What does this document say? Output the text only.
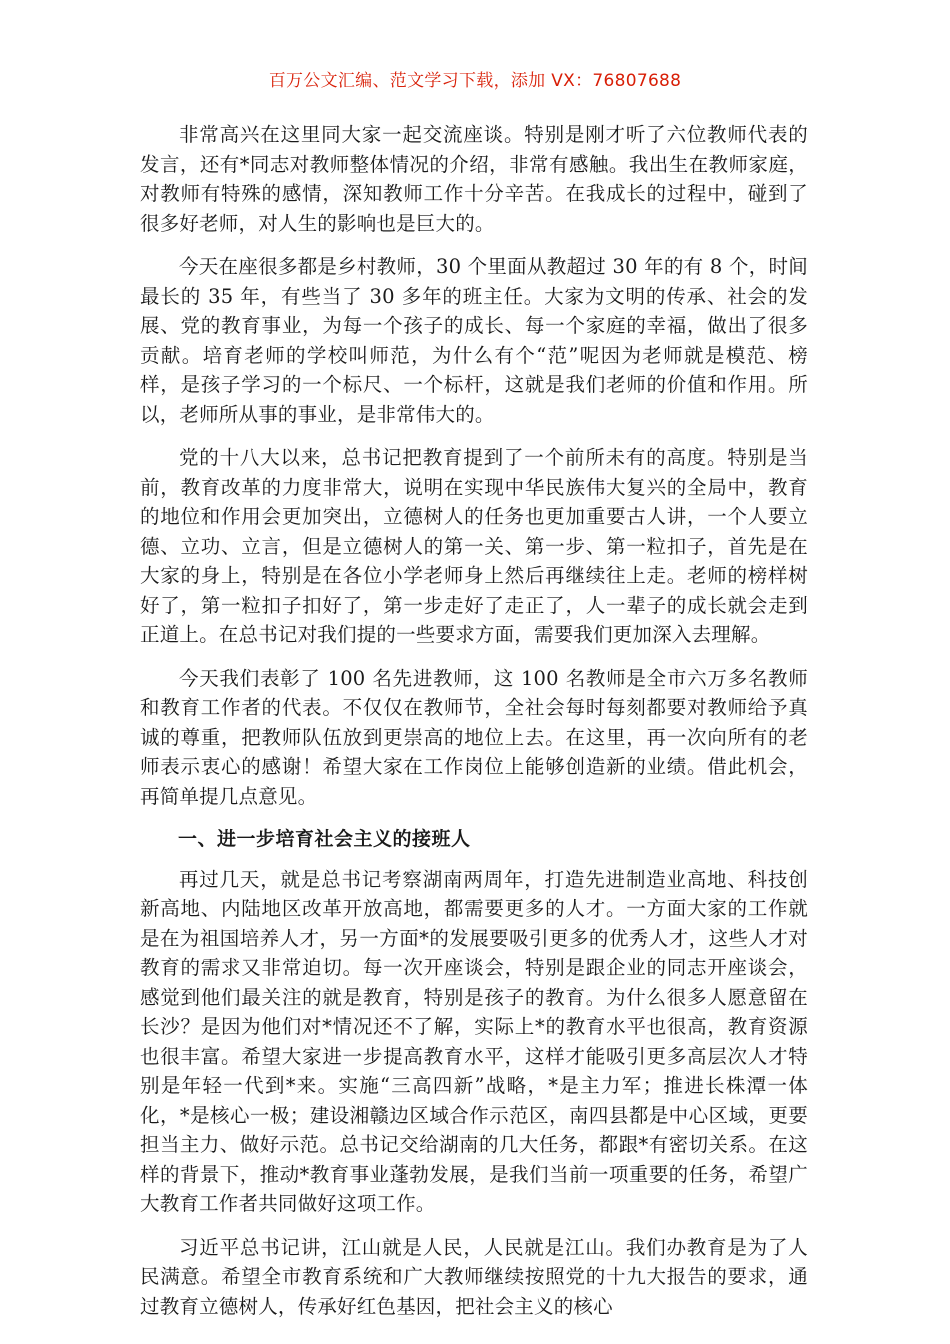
百万公文汇编、范文学习下载，添加 VX：76807688

非常高兴在这里同大家一起交流座谈。特别是刚才听了六位教师代表的发言，还有*同志对教师整体情况的介绍，非常有感触。我出生在教师家庭，对教师有特殊的感情，深知教师工作十分辛苦。在我成长的过程中，碰到了很多好老师，对人生的影响也是巨大的。

今天在座很多都是乡村教师，30 个里面从教超过 30 年的有 8 个，时间最长的 35 年，有些当了 30 多年的班主任。大家为文明的传承、社会的发展、党的教育事业，为每一个孩子的成长、每一个家庭的幸福，做出了很多贡献。培育老师的学校叫师范，为什么有个“范”呢因为老师就是模范、榜样，是孩子学习的一个标尺、一个标杆，这就是我们老师的价值和作用。所以，老师所从事的事业，是非常伟大的。

党的十八大以来，总书记把教育提到了一个前所未有的高度。特别是当前，教育改革的力度非常大，说明在实现中华民族伟大复兴的全局中，教育的地位和作用会更加突出，立德树人的任务也更加重要古人讲，一个人要立德、立功、立言，但是立德树人的第一关、第一步、第一粒扣子，首先是在大家的身上，特别是在各位小学老师身上然后再继续往上走。老师的榜样树好了，第一粒扣子扣好了，第一步走好了走正了，人一辈子的成长就会走到正道上。在总书记对我们提的一些要求方面，需要我们更加深入去理解。

今天我们表彰了 100 名先进教师，这 100 名教师是全市六万多名教师和教育工作者的代表。不仅仅在教师节，全社会每时每刻都要对教师给予真诚的尊重，把教师队伍放到更崇高的地位上去。在这里，再一次向所有的老师表示衷心的感谢！希望大家在工作岗位上能够创造新的业绩。借此机会，再简单提几点意见。

一、进一步培育社会主义的接班人

再过几天，就是总书记考察湖南两周年，打造先进制造业高地、科技创新高地、内陆地区改革开放高地，都需要更多的人才。一方面大家的工作就是在为祖国培养人才，另一方面*的发展要吸引更多的优秀人才，这些人才对教育的需求又非常迫切。每一次开座谈会，特别是跟企业的同志开座谈会，感觉到他们最关注的就是教育，特别是孩子的教育。为什么很多人愿意留在长沙？是因为他们对*情况还不了解，实际上*的教育水平也很高，教育资源也很丰富。希望大家进一步提高教育水平，这样才能吸引更多高层次人才特别是年轻一代到*来。实施“三高四新”战略，*是主力军；推进长株潭一体化，*是核心一极；建设湘赣边区域合作示范区，南四县都是中心区域，更要担当主力、做好示范。总书记交给湖南的几大任务，都跟*有密切关系。在这样的背景下，推动*教育事业蓬勃发展，是我们当前一项重要的任务，希望广大教育工作者共同做好这项工作。

习近平总书记讲，江山就是人民，人民就是江山。我们办教育是为了人民满意。希望全市教育系统和广大教师继续按照党的十九大报告的要求，通过教育立德树人，传承好红色基因，把社会主义的核心
